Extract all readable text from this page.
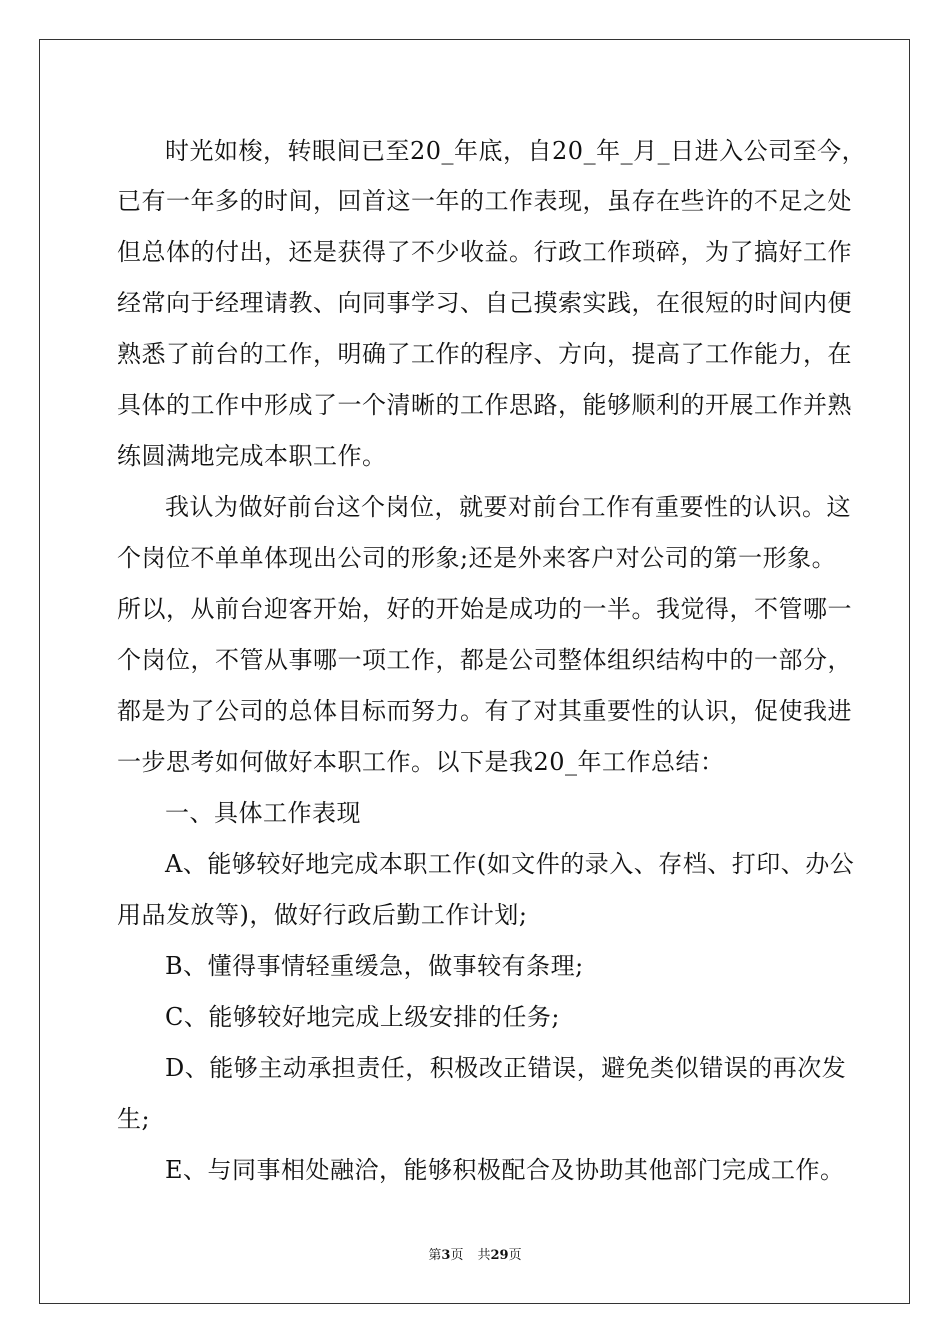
时光如梭，转眼间已至20_年底，自20_年_月_日进入公司至今，
已有一年多的时间，回首这一年的工作表现，虽存在些许的不足之处
但总体的付出，还是获得了不少收益。行政工作琐碎，为了搞好工作
经常向于经理请教、向同事学习、自己摸索实践，在很短的时间内便
熟悉了前台的工作，明确了工作的程序、方向，提高了工作能力，在
具体的工作中形成了一个清晰的工作思路，能够顺利的开展工作并熟
练圆满地完成本职工作。
我认为做好前台这个岗位，就要对前台工作有重要性的认识。这
个岗位不单单体现出公司的形象;还是外来客户对公司的第一形象。
所以，从前台迎客开始，好的开始是成功的一半。我觉得，不管哪一
个岗位，不管从事哪一项工作，都是公司整体组织结构中的一部分，
都是为了公司的总体目标而努力。有了对其重要性的认识，促使我进
一步思考如何做好本职工作。以下是我20_年工作总结：
一、具体工作表现
A、能够较好地完成本职工作(如文件的录入、存档、打印、办公
用品发放等)，做好行政后勤工作计划;
B、懂得事情轻重缓急，做事较有条理;
C、能够较好地完成上级安排的任务;
D、能够主动承担责任，积极改正错误，避免类似错误的再次发
生;
E、与同事相处融洽，能够积极配合及协助其他部门完成工作。
第3页 共29页
